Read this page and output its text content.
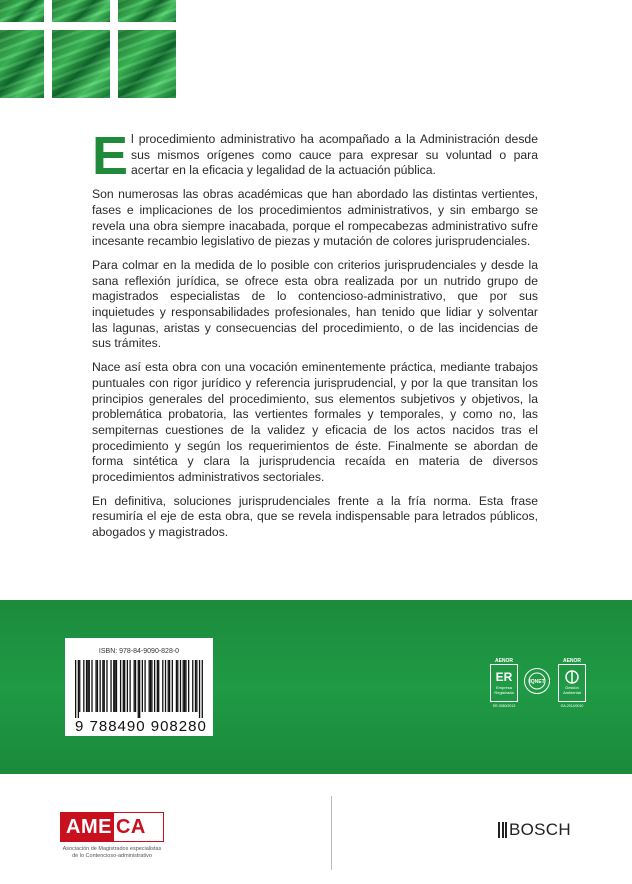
El procedimiento administrativo ha acompañado a la Administración desde sus mismos orígenes como cauce para expresar su voluntad o para acertar en la eficacia y legalidad de la actuación pública.

Son numerosas las obras académicas que han abordado las distintas vertientes, fases e implicaciones de los procedimientos administrativos, y sin embargo se revela una obra siempre inacabada, porque el rompecabezas administrativo sufre incesante recambio legislativo de piezas y mutación de colores jurisprudenciales.

Para colmar en la medida de lo posible con criterios jurisprudenciales y desde la sana reflexión jurídica, se ofrece esta obra realizada por un nutrido grupo de magistrados especialistas de lo contencioso-administrativo, que por sus inquietudes y responsabilidades profesionales, han tenido que lidiar y solventar las lagunas, aristas y consecuencias del procedimiento, o de las incidencias de sus trámites.

Nace así esta obra con una vocación eminentemente práctica, mediante trabajos puntuales con rigor jurídico y referencia jurisprudencial, y por la que transitan los principios generales del procedimiento, sus elementos subjetivos y objetivos, la problemática probatoria, las vertientes formales y temporales, y como no, las sempiternas cuestiones de la validez y eficacia de los actos nacidos tras el procedimiento y según los requerimientos de éste. Finalmente se abordan de forma sintética y clara la jurisprudencia recaída en materia de diversos procedimientos administrativos sectoriales.

En definitiva, soluciones jurisprudenciales frente a la fría norma. Esta frase resumiría el eje de esta obra, que se revela indispensable para letrados públicos, abogados y magistrados.

ISBN: 978-84-9090-828-0
9 788490 908280
AENOR
ER
Empresa
Registrada
ER-0380/2013
IQNET
AENOR
Gestión
Ambiental
GA-2014/0010
AME CA
Asociación de Magistrados especialistas de lo Contencioso-administrativo
BOSCH
